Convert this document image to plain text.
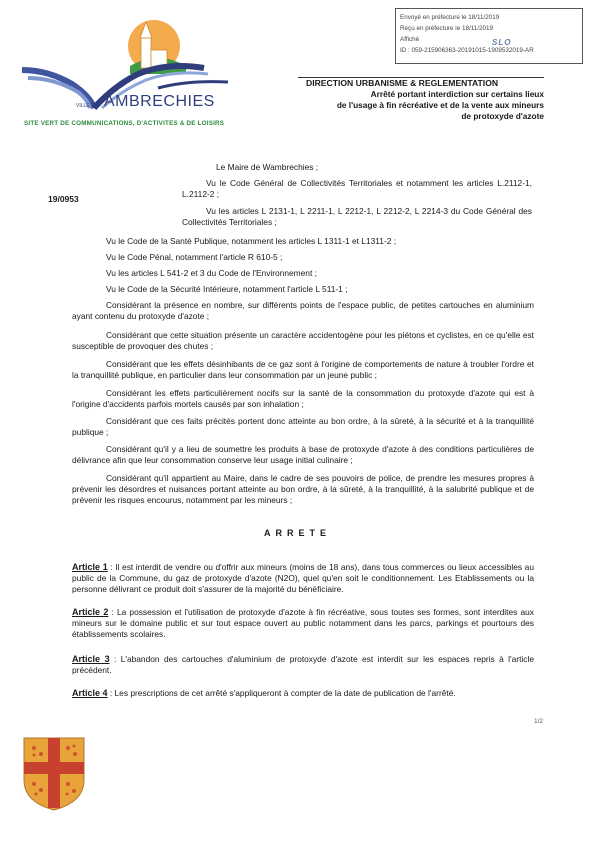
Envoyé en préfecture le 18/11/2019
Reçu en préfecture le 18/11/2019
Affiché
ID : 059-215906363-20191015-1909532019-AR
SLO
VILLE DE AMBRECHIES
SITE VERT DE COMMUNICATIONS, D'ACTIVITES & DE LOISIRS
DIRECTION URBANISME & REGLEMENTATION
Arrêté portant interdiction sur certains lieux
de l'usage à fin récréative et de la vente aux mineurs
de protoxyde d'azote
19/0953
Le Maire de Wambrechies ;
Vu le Code Général de Collectivités Territoriales et notamment les articles L.2112-1, L.2112-2 ;
Vu les articles L 2131-1, L 2211-1, L 2212-1, L 2212-2, L 2214-3 du Code Général des Collectivités Territoriales ;
Vu le Code de la Santé Publique, notamment les articles L 1311-1 et L1311-2 ;
Vu le Code Pénal, notamment l'article R 610-5 ;
Vu les articles L 541-2 et 3 du Code de l'Environnement ;
Vu le Code de la Sécurité Intérieure, notamment l'article L 511-1 ;
Considérant la présence en nombre, sur différents points de l'espace public, de petites cartouches en aluminium ayant contenu du protoxyde d'azote ;
Considérant que cette situation présente un caractère accidentogène pour les piétons et cyclistes, en ce qu'elle est susceptible de provoquer des chutes ;
Considérant que les effets désinhibants de ce gaz sont à l'origine de comportements de nature à troubler l'ordre et la tranquillité publique, en particulier dans leur consommation par un jeune public ;
Considérant les effets particulièrement nocifs sur la santé de la consommation du protoxyde d'azote qui est à l'origine d'accidents parfois mortels causés par son inhalation ;
Considérant que ces faits précités portent donc atteinte au bon ordre, à la sûreté, à la sécurité et à la tranquillité publique ;
Considérant qu'il y a lieu de soumettre les produits à base de protoxyde d'azote à des conditions particulières de délivrance afin que leur consommation conserve leur usage initial culinaire ;
Considérant qu'il appartient au Maire, dans le cadre de ses pouvoirs de police, de prendre les mesures propres à prévenir les désordres et nuisances portant atteinte au bon ordre, à la sûreté, à la tranquillité, à la salubrité publique et de prévenir les risques encourus, notamment par les mineurs ;
ARRETE
Article 1 : Il est interdit de vendre ou d'offrir aux mineurs (moins de 18 ans), dans tous commerces ou lieux accessibles au public de la Commune, du gaz de protoxyde d'azote (N2O), quel qu'en soit le conditionnement. Les Etablissements ou la personne délivrant ce produit doit s'assurer de la majorité du bénéficiaire.
Article 2 : La possession et l'utilisation de protoxyde d'azote à fin récréative, sous toutes ses formes, sont interdites aux mineurs sur le domaine public et sur tout espace ouvert au public notamment dans les parcs, parkings et pourtours des établissements scolaires.
Article 3 : L'abandon des cartouches d'aluminium de protoxyde d'azote est interdit sur les espaces repris à l'article précédent.
Article 4 : Les prescriptions de cet arrêté s'appliqueront à compter de la date de publication de l'arrêté.
1/2
